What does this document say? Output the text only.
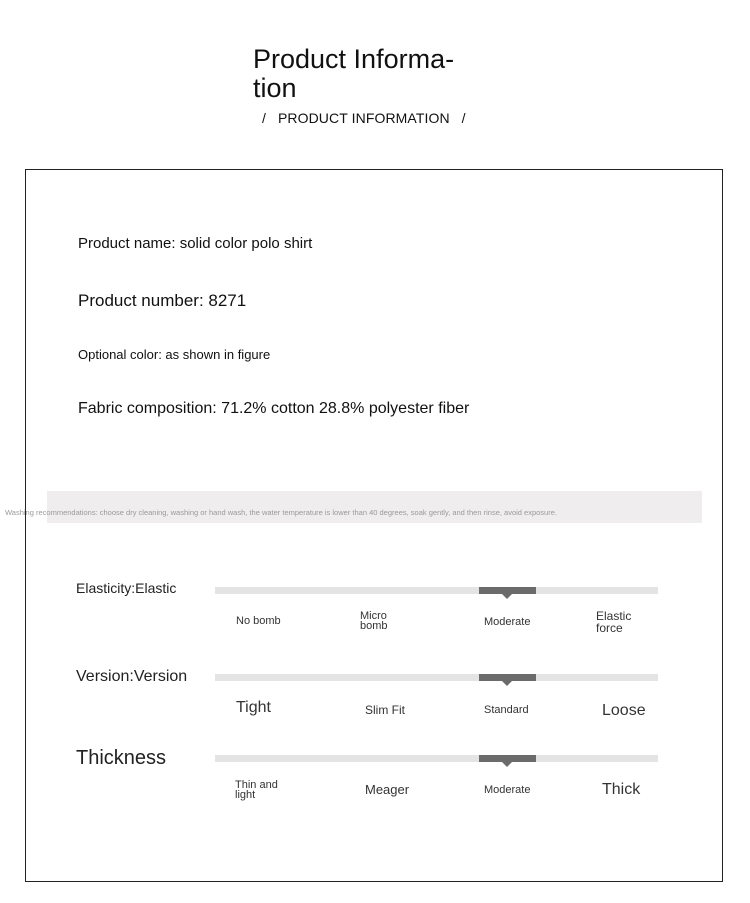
Product Informa-
tion
/   PRODUCT INFORMATION   /
Product name: solid color polo shirt
Product number: 8271
Optional color: as shown in figure
Fabric composition: 71.2% cotton 28.8% polyester fiber
Washing recommendations: choose dry cleaning, washing or hand wash, the water temperature is lower than 40 degrees, soak gently, and then rinse, avoid exposure.
Elasticity:Elastic
No bomb	Micro
bomb	Moderate	Elastic
force
Version:Version
Tight	Slim Fit	Standard	Loose
Thickness
Thin and
light	Meager	Moderate	Thick
